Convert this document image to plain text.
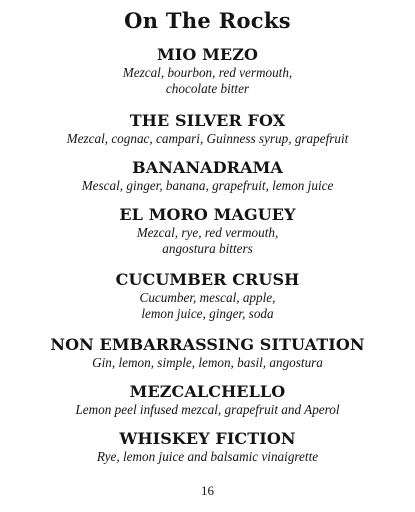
On The Rocks
MIO MEZO
Mezcal, bourbon, red vermouth,
chocolate bitter
THE SILVER FOX
Mezcal, cognac, campari, Guinness syrup, grapefruit
BANANADRAMA
Mescal, ginger, banana, grapefruit, lemon juice
EL MORO MAGUEY
Mezcal, rye, red vermouth,
angostura bitters
CUCUMBER CRUSH
Cucumber, mescal, apple,
lemon juice, ginger, soda
NON EMBARRASSING SITUATION
Gin, lemon, simple, lemon, basil, angostura
MEZCALCHELLO
Lemon peel infused mezcal, grapefruit and Aperol
WHISKEY FICTION
Rye, lemon juice and balsamic vinaigrette
16
